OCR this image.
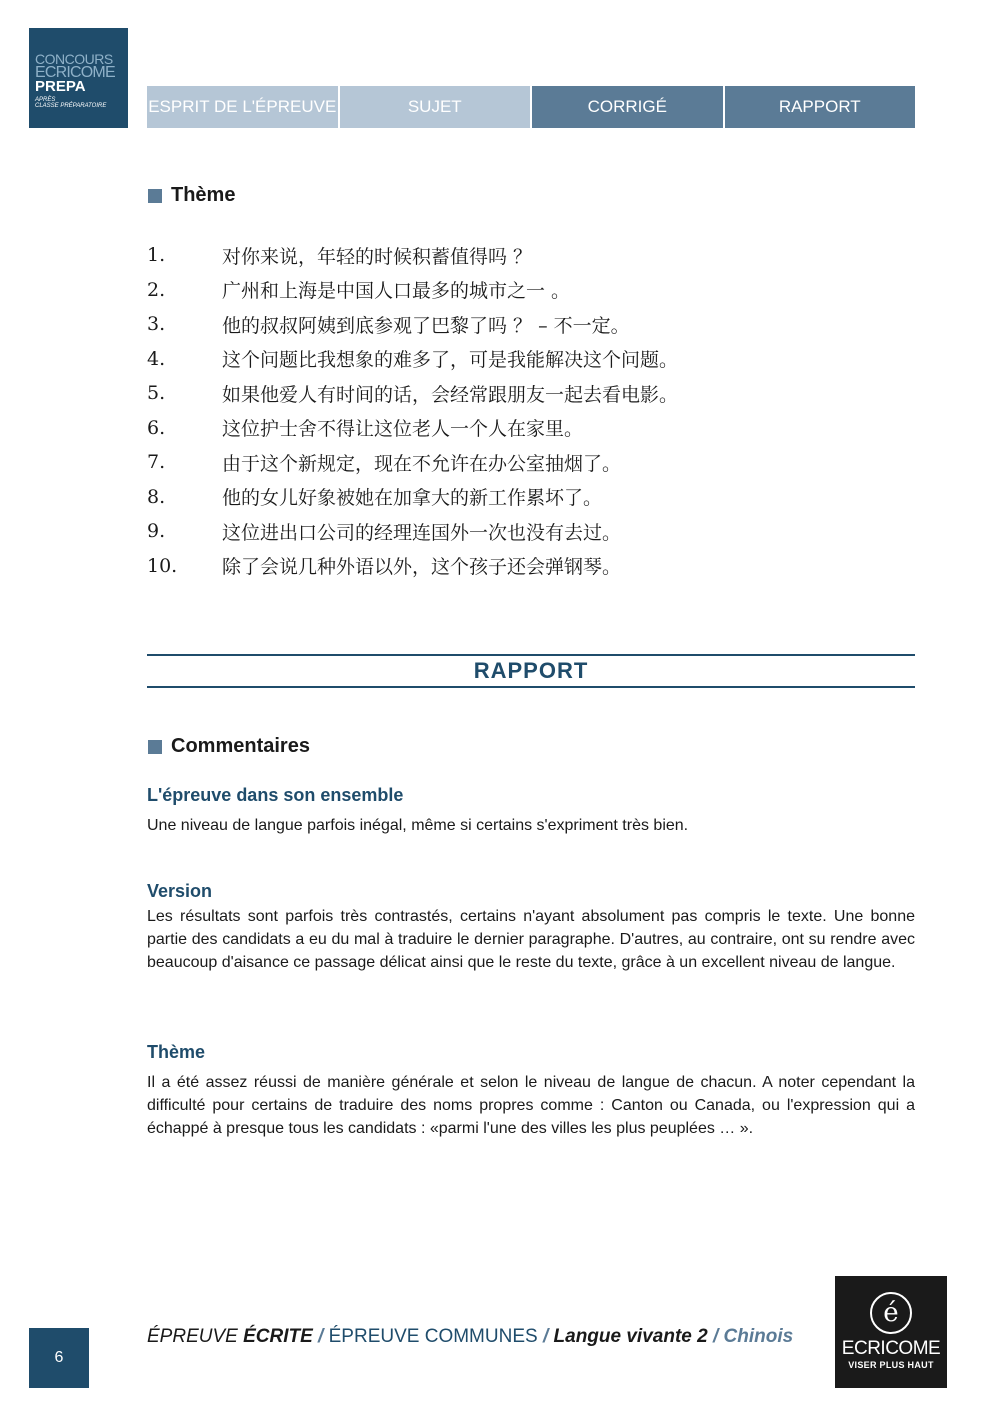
CONCOURS
ECRICOME
PREPA
APRÈS
CLASSE PRÉPARATOIRE	ESPRIT DE L'ÉPREUVE	SUJET	CORRIGÉ	RAPPORT
Thème
1.	对你来说，年轻的时候积蓄值得吗 ？
2.	广州和上海是中国人口最多的城市之一 。
3.	他的叔叔阿姨到底参观了巴黎了吗 ？ – 不一定。
4.	这个问题比我想象的难多了，可是我能解决这个问题。
5.	如果他爱人有时间的话，会经常跟朋友一起去看电影。
6.	这位护士舍不得让这位老人一个人在家里。
7.	由于这个新规定，现在不允许在办公室抽烟了。
8.	他的女儿好象被她在加拿大的新工作累坏了。
9.	这位进出口公司的经理连国外一次也没有去过。
10.	除了会说几种外语以外，这个孩子还会弹钢琴。
RAPPORT
Commentaires
L'épreuve dans son ensemble
Une niveau de langue parfois inégal, même si certains s'expriment très bien.
Version
Les résultats sont parfois très contrastés, certains n'ayant absolument pas compris le texte. Une bonne partie des candidats a eu du mal à traduire le dernier paragraphe. D'autres, au contraire, ont su rendre avec beaucoup d'aisance ce passage délicat ainsi que le reste du texte, grâce à un excellent niveau de langue.
Thème
Il a été assez réussi de manière générale et selon le niveau de langue de chacun. A noter cependant la difficulté pour certains de traduire des noms propres comme : Canton ou Canada, ou l'expression qui a échappé à presque tous les candidats : «parmi l'une des villes les plus peuplées … ».
6
ÉPREUVE ÉCRITE / ÉPREUVE COMMUNES / Langue vivante 2 / Chinois
é
ECRICOME
VISER PLUS HAUT
